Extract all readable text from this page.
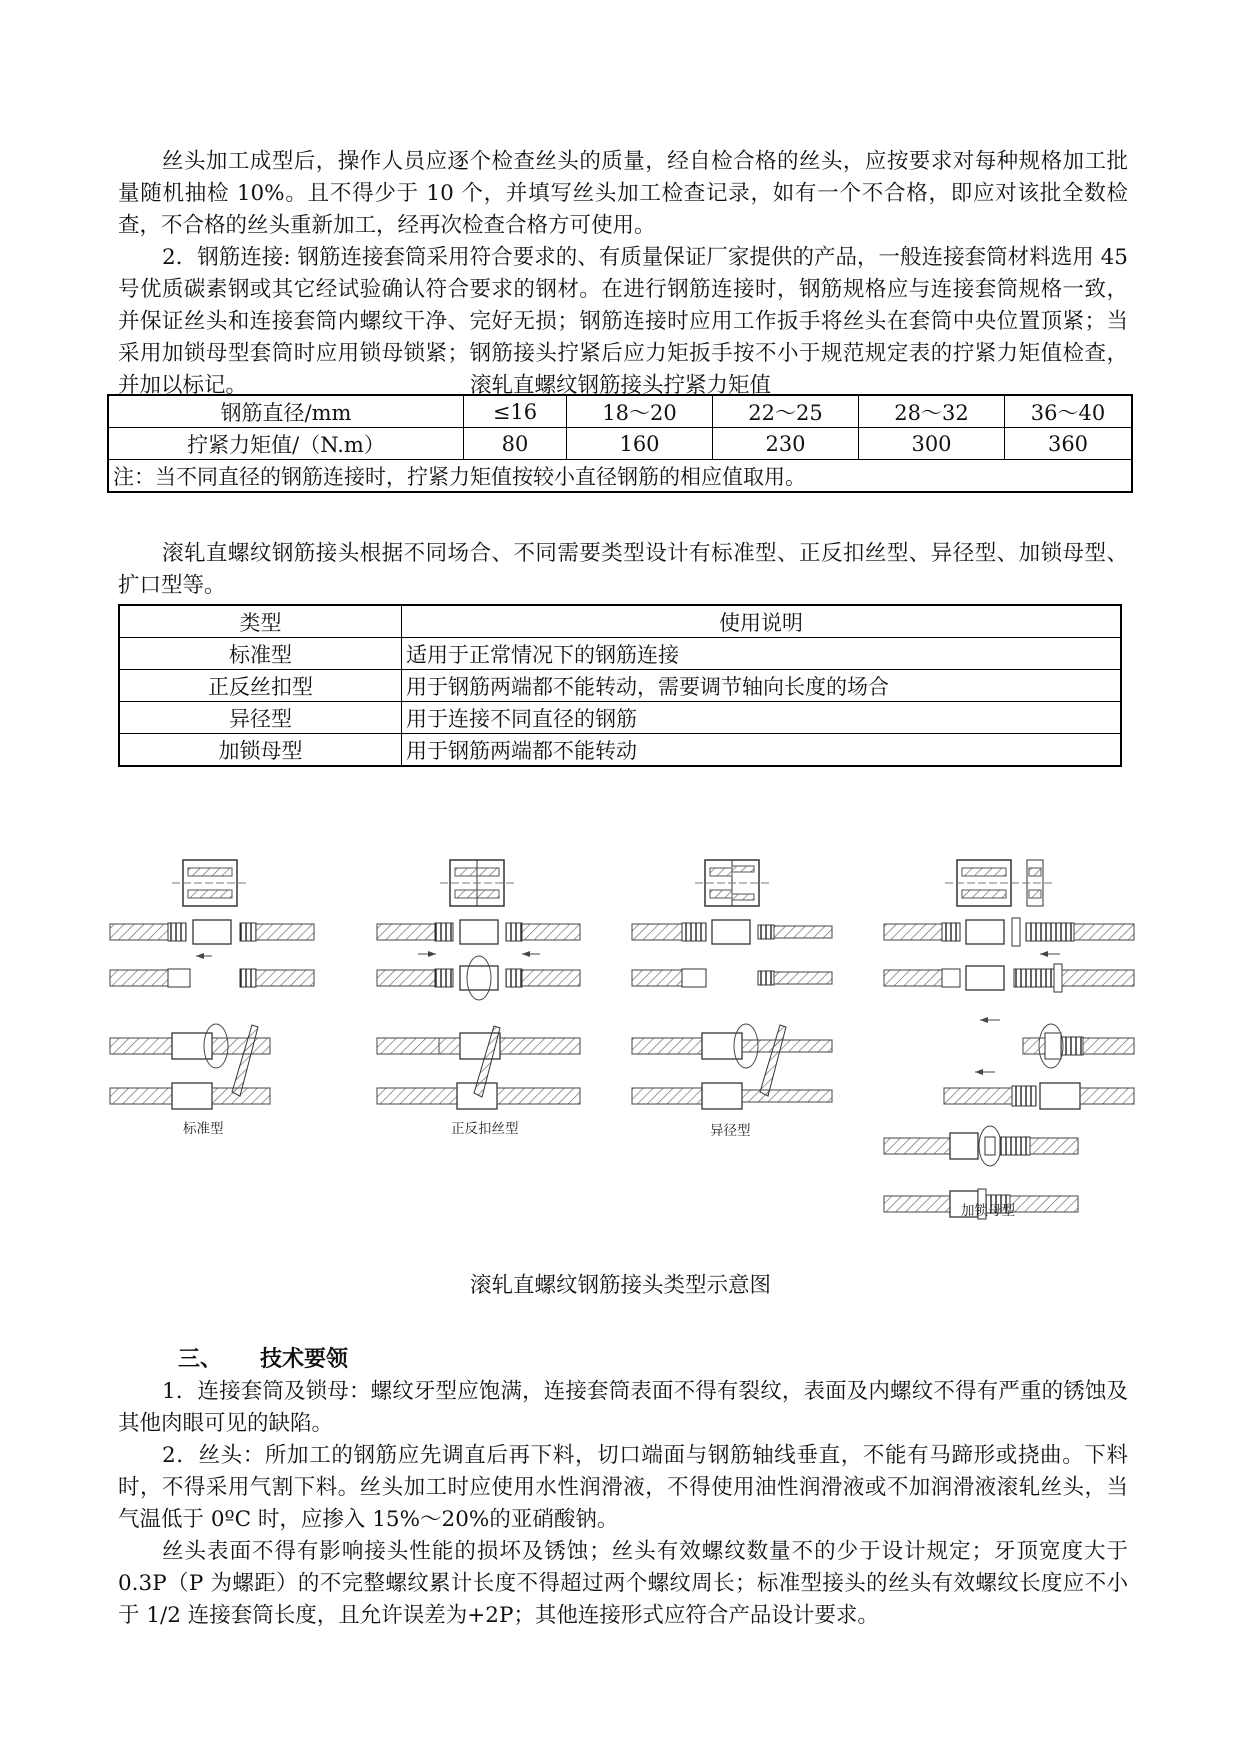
丝头加工成型后，操作人员应逐个检查丝头的质量，经自检合格的丝头，应按要求对每种规格加工批量随机抽检 10%。且不得少于 10 个，并填写丝头加工检查记录，如有一个不合格，即应对该批全数检查，不合格的丝头重新加工，经再次检查合格方可使用。
2．钢筋连接: 钢筋连接套筒采用符合要求的、有质量保证厂家提供的产品，一般连接套筒材料选用 45 号优质碳素钢或其它经试验确认符合要求的钢材。在进行钢筋连接时，钢筋规格应与连接套筒规格一致，并保证丝头和连接套筒内螺纹干净、完好无损；钢筋连接时应用工作扳手将丝头在套筒中央位置顶紧；当采用加锁母型套筒时应用锁母锁紧；钢筋接头拧紧后应力矩扳手按不小于规范规定表的拧紧力矩值检查，并加以标记。	滚轧直螺纹钢筋接头拧紧力矩值
钢筋直径/mm	≤16	18～20	22～25	28～32	36～40
拧紧力矩值/（N.m）	80	160	230	300	360
注：当不同直径的钢筋连接时，拧紧力矩值按较小直径钢筋的相应值取用。					
滚轧直螺纹钢筋接头根据不同场合、不同需要类型设计有标准型、正反扣丝型、异径型、加锁母型、扩口型等。
类型	使用说明
标准型	适用于正常情况下的钢筋连接
正反丝扣型	用于钢筋两端都不能转动，需要调节轴向长度的场合
异径型	用于连接不同直径的钢筋
加锁母型	用于钢筋两端都不能转动
标准型	正反扣丝型	异径型
加锁母型
滚轧直螺纹钢筋接头类型示意图
三、 技术要领
1．连接套筒及锁母：螺纹牙型应饱满，连接套筒表面不得有裂纹，表面及内螺纹不得有严重的锈蚀及其他肉眼可见的缺陷。
2．丝头：所加工的钢筋应先调直后再下料，切口端面与钢筋轴线垂直，不能有马蹄形或挠曲。下料时，不得采用气割下料。丝头加工时应使用水性润滑液，不得使用油性润滑液或不加润滑液滚轧丝头，当气温低于 0ºC 时，应掺入 15%～20%的亚硝酸钠。
丝头表面不得有影响接头性能的损坏及锈蚀；丝头有效螺纹数量不的少于设计规定；牙顶宽度大于 0.3P（P 为螺距）的不完整螺纹累计长度不得超过两个螺纹周长；标准型接头的丝头有效螺纹长度应不小于 1/2 连接套筒长度，且允许误差为+2P；其他连接形式应符合产品设计要求。
